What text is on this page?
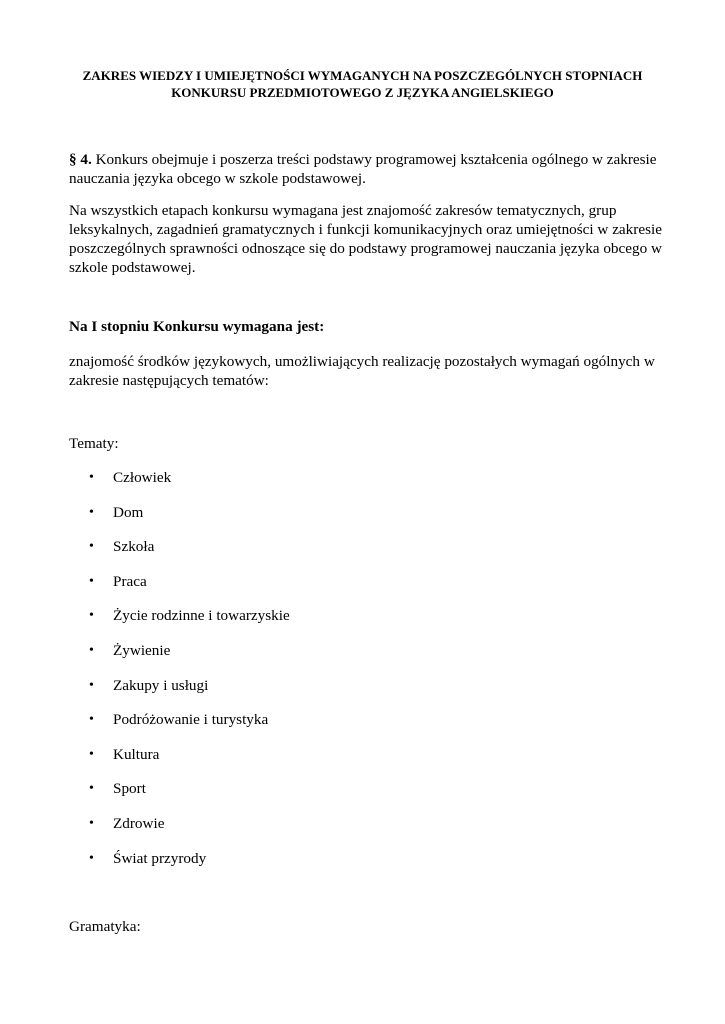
ZAKRES WIEDZY I UMIEJĘTNOŚCI WYMAGANYCH NA POSZCZEGÓLNYCH STOPNIACH
KONKURSU PRZEDMIOTOWEGO Z JĘZYKA ANGIELSKIEGO
§ 4. Konkurs obejmuje i poszerza treści podstawy programowej kształcenia ogólnego w zakresie nauczania języka obcego w szkole podstawowej.
Na wszystkich etapach konkursu wymagana jest znajomość zakresów tematycznych, grup leksykalnych, zagadnień gramatycznych i funkcji komunikacyjnych oraz umiejętności w zakresie poszczególnych sprawności odnoszące się do podstawy programowej nauczania języka obcego w szkole podstawowej.
Na I stopniu Konkursu wymagana jest:
znajomość środków językowych, umożliwiających realizację pozostałych wymagań ogólnych w zakresie następujących tematów:
Tematy:
• Człowiek
• Dom
• Szkoła
• Praca
• Życie rodzinne i towarzyskie
• Żywienie
• Zakupy i usługi
• Podróżowanie i turystyka
• Kultura
• Sport
• Zdrowie
• Świat przyrody
Gramatyka:
